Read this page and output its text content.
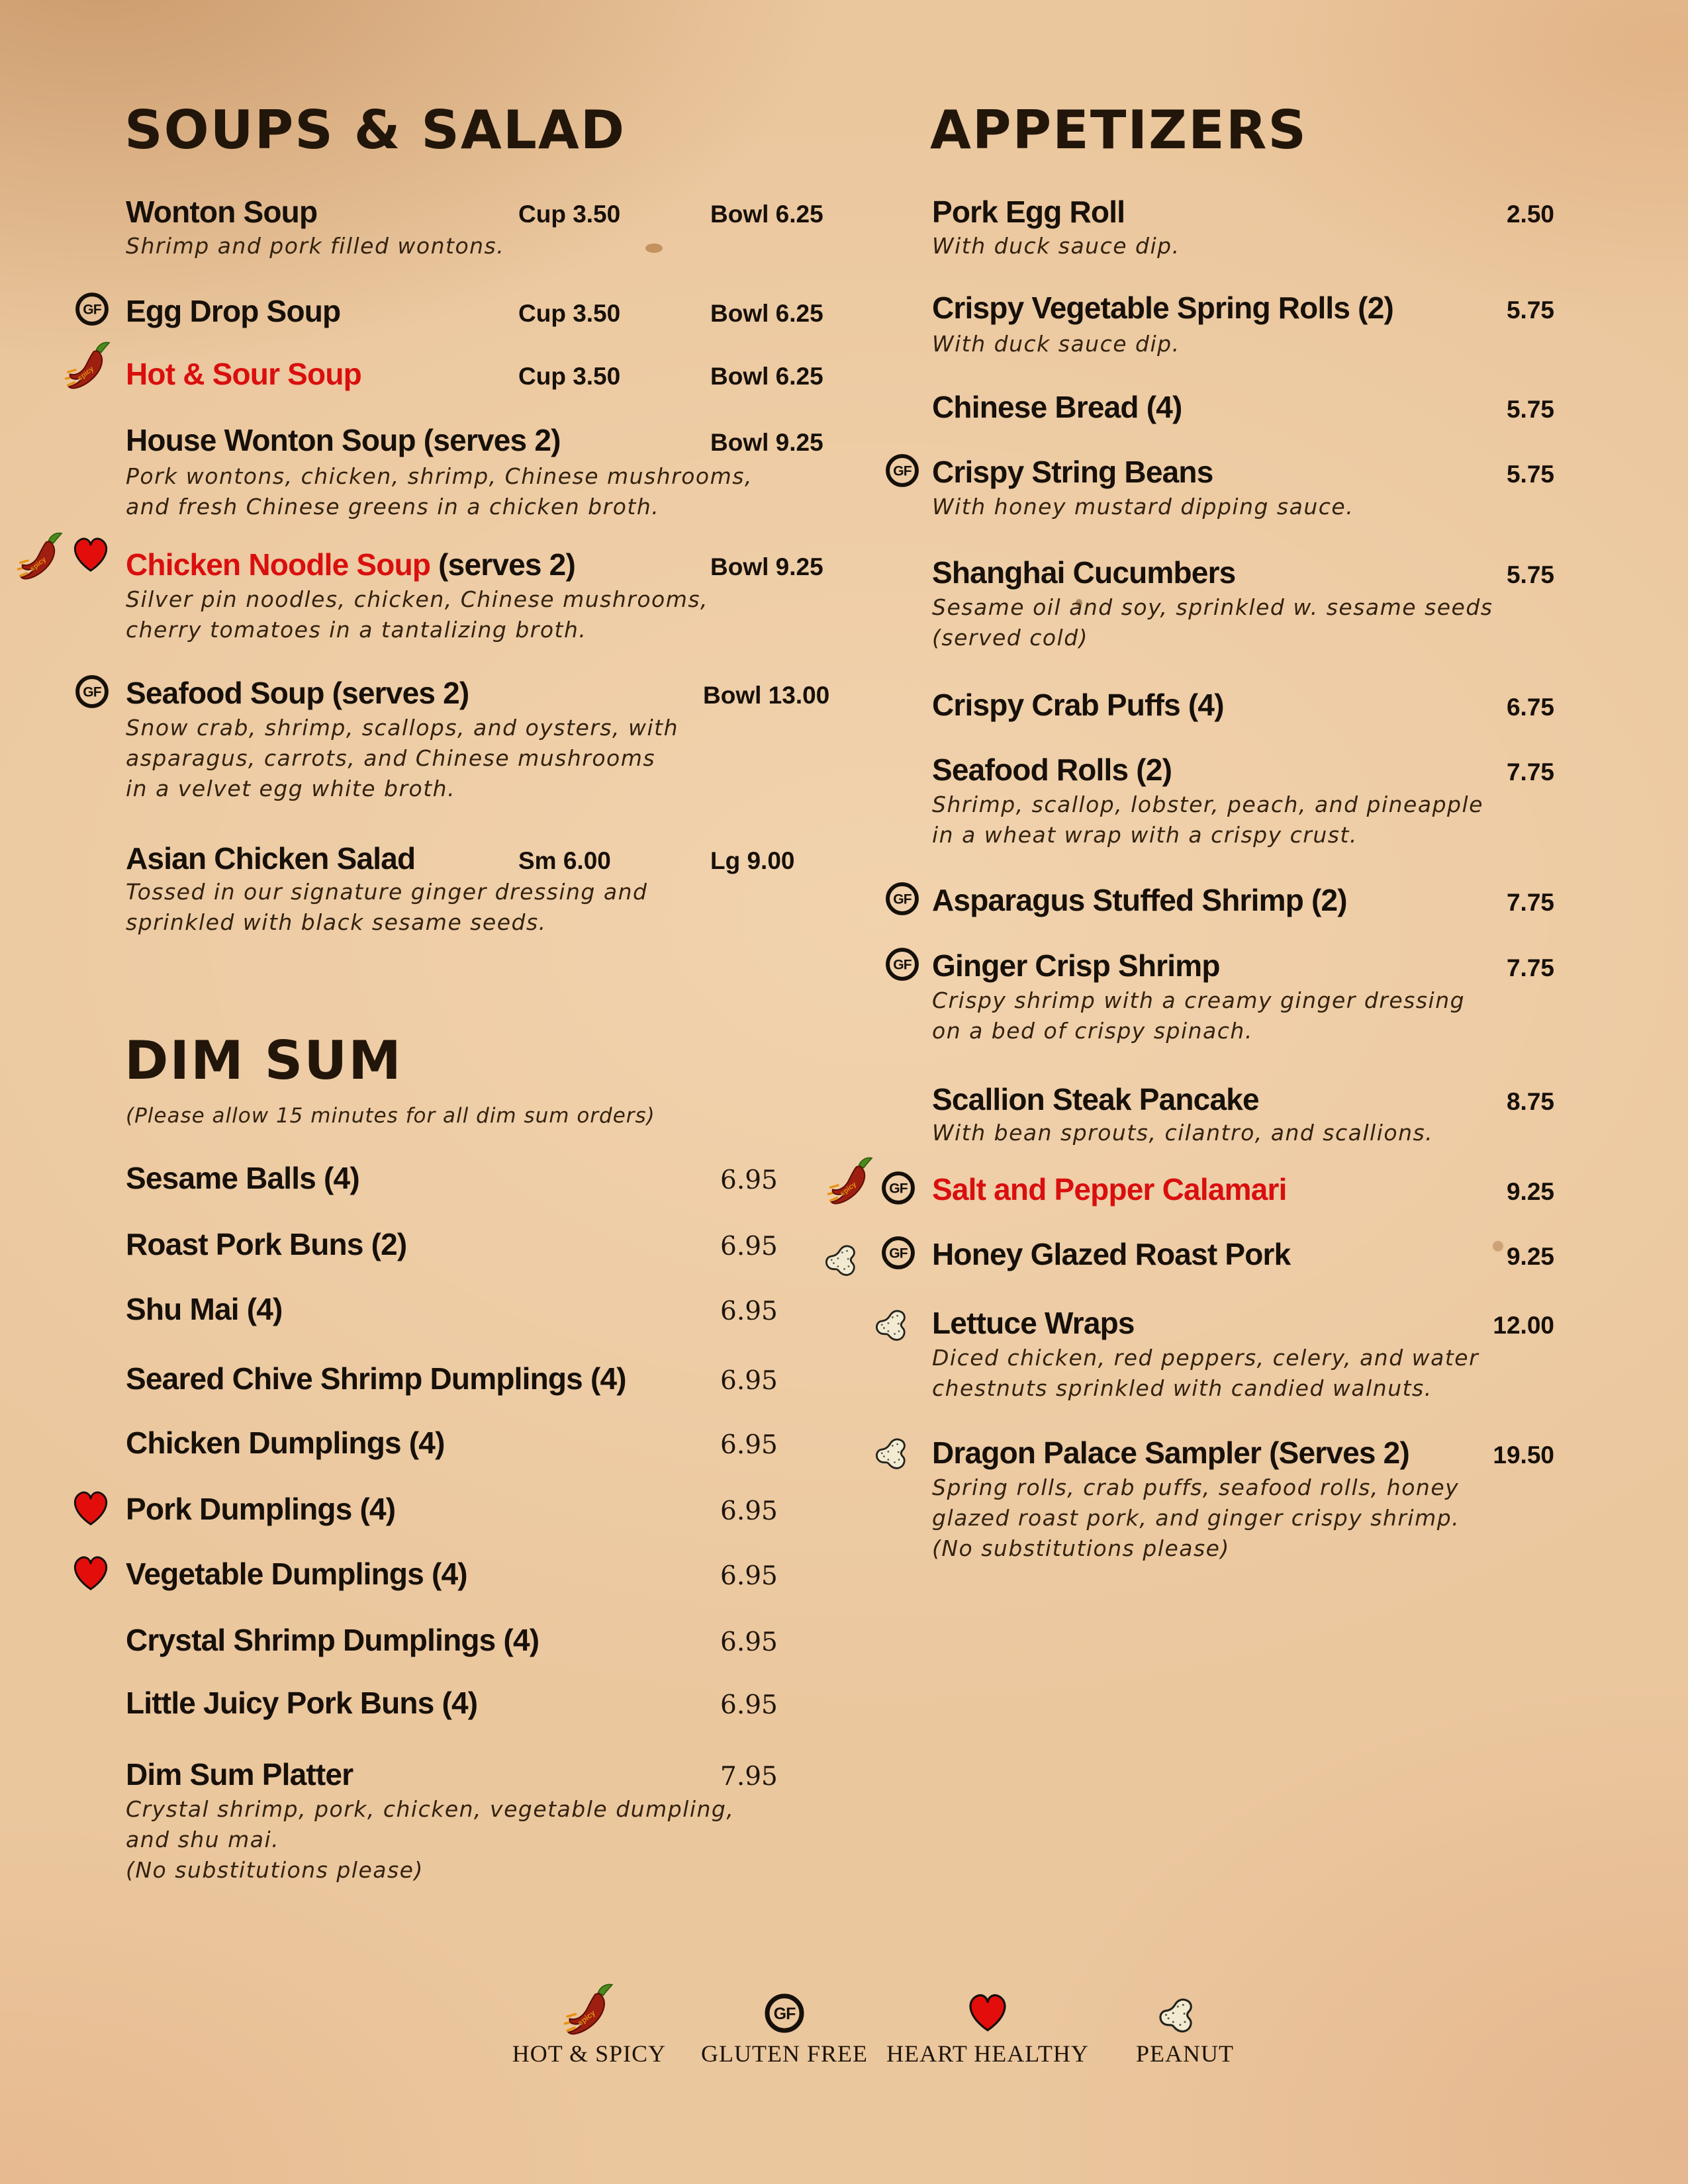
SOUPS & SALAD
Wonton Soup	Cup 3.50	Bowl 6.25
Shrimp and pork filled wontons.
GF Egg Drop Soup	Cup 3.50	Bowl 6.25
spicy Hot & Sour Soup	Cup 3.50	Bowl 6.25
House Wonton Soup (serves 2)	Bowl 9.25
Pork wontons, chicken, shrimp, Chinese mushrooms,
and fresh Chinese greens in a chicken broth.
spicy	Chicken Noodle Soup (serves 2)	Bowl 9.25
Silver pin noodles, chicken, Chinese mushrooms,
cherry tomatoes in a tantalizing broth.
GF Seafood Soup (serves 2)	Bowl 13.00
Snow crab, shrimp, scallops, and oysters, with
asparagus, carrots, and Chinese mushrooms
in a velvet egg white broth.
Asian Chicken Salad	Sm 6.00	Lg 9.00
Tossed in our signature ginger dressing and
sprinkled with black sesame seeds.
DIM SUM
(Please allow 15 minutes for all dim sum orders)
Sesame Balls (4)	6.95
Roast Pork Buns (2)	6.95
Shu Mai (4)	6.95
Seared Chive Shrimp Dumplings (4)	6.95
Chicken Dumplings (4)	6.95
Pork Dumplings (4)	6.95
Vegetable Dumplings (4)	6.95
Crystal Shrimp Dumplings (4)	6.95
Little Juicy Pork Buns (4)	6.95
Dim Sum Platter	7.95
Crystal shrimp, pork, chicken, vegetable dumpling,
and shu mai.
(No substitutions please)
APPETIZERS
Pork Egg Roll	2.50
With duck sauce dip.
Crispy Vegetable Spring Rolls (2)	5.75
With duck sauce dip.
Chinese Bread (4)	5.75
GF Crispy String Beans	5.75
With honey mustard dipping sauce.
Shanghai Cucumbers	5.75
Sesame oil and soy, sprinkled w. sesame seeds
(served cold)
Crispy Crab Puffs (4)	6.75
Seafood Rolls (2)	7.75
Shrimp, scallop, lobster, peach, and pineapple
in a wheat wrap with a crispy crust.
GF Asparagus Stuffed Shrimp (2)	7.75
GF Ginger Crisp Shrimp	7.75
Crispy shrimp with a creamy ginger dressing
on a bed of crispy spinach.
Scallion Steak Pancake	8.75
With bean sprouts, cilantro, and scallions.
spicy GF Salt and Pepper Calamari	9.25
GF Honey Glazed Roast Pork	9.25
Lettuce Wraps	12.00
Diced chicken, red peppers, celery, and water
chestnuts sprinkled with candied walnuts.
Dragon Palace Sampler (Serves 2)	19.50
Spring rolls, crab puffs, seafood rolls, honey
glazed roast pork, and ginger crispy shrimp.
(No substitutions please)
spicy
HOT & SPICY
GF
GLUTEN FREE HEART HEALTHY PEANUT
